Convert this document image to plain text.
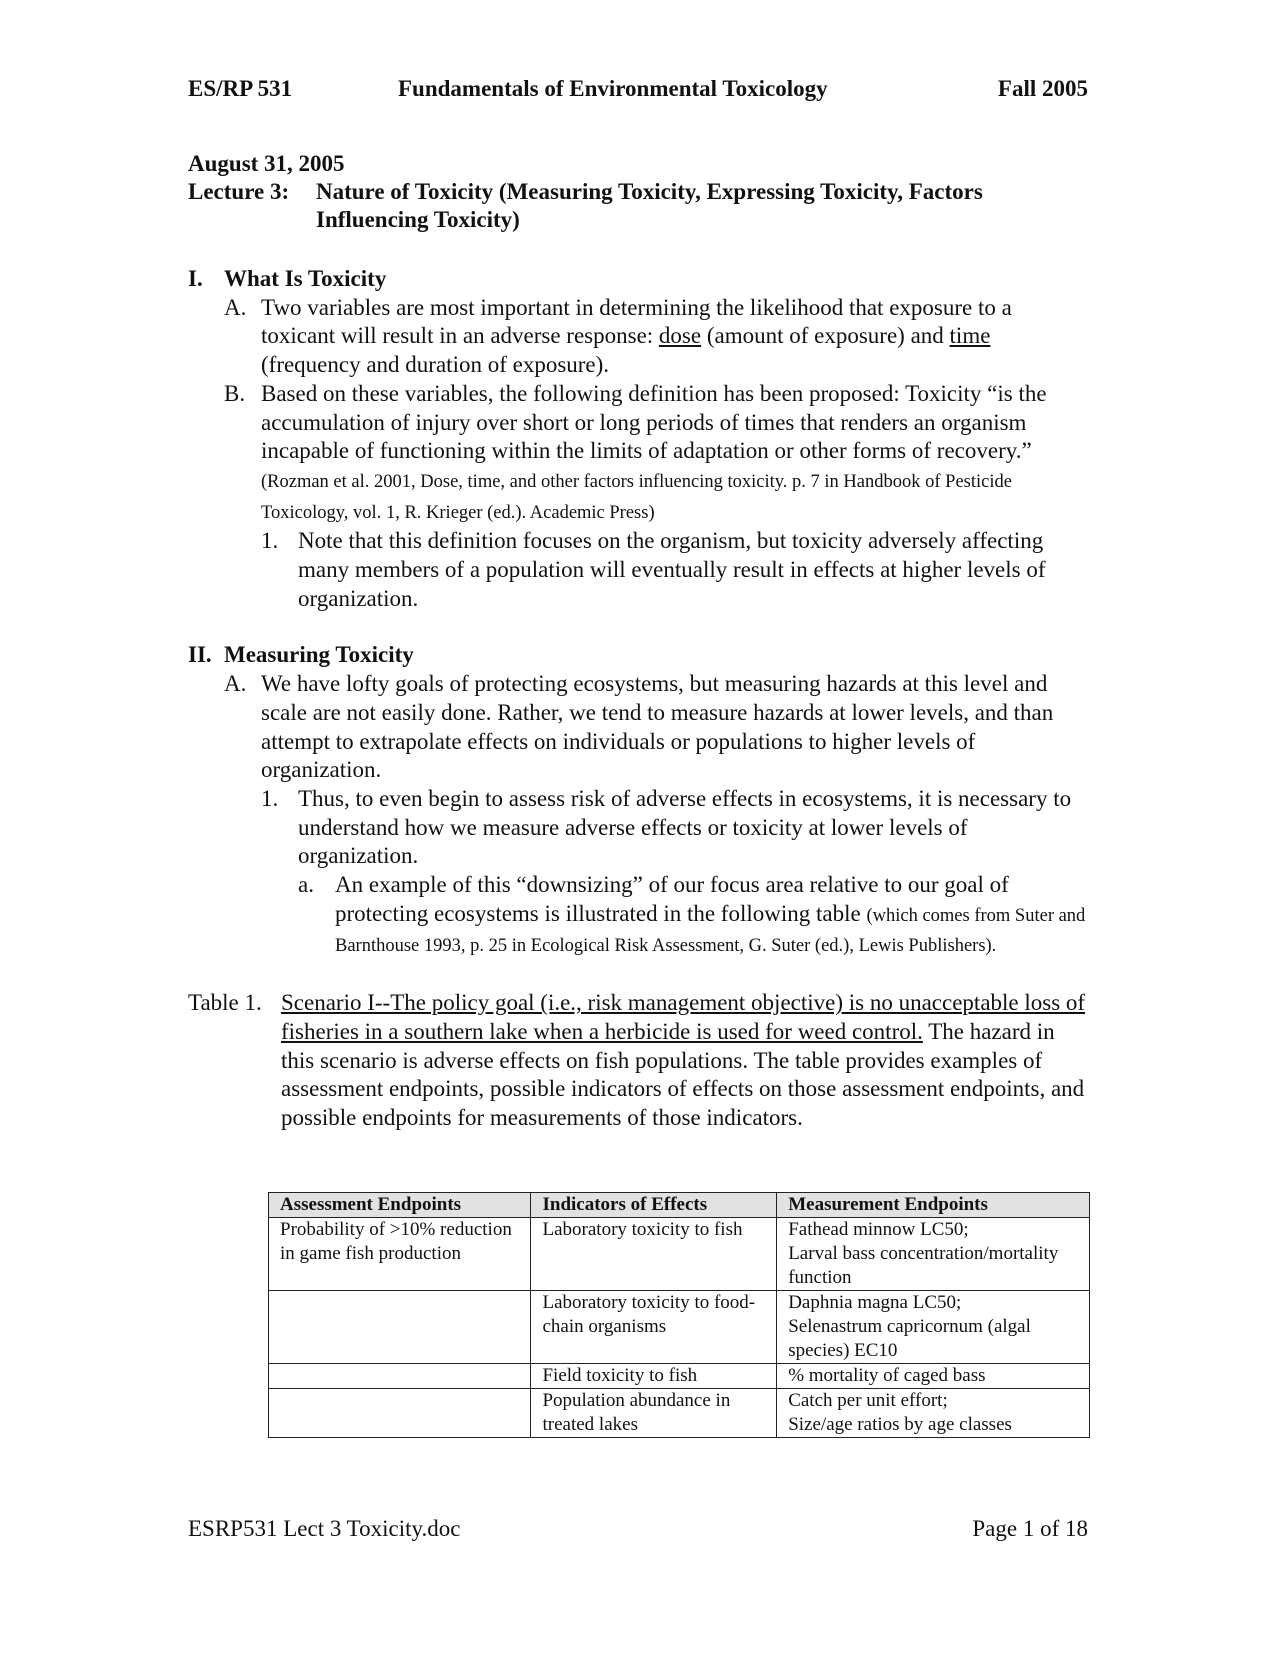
ES/RP 531	Fundamentals of Environmental Toxicology	Fall 2005
August 31, 2005
Lecture 3:	Nature of Toxicity (Measuring Toxicity, Expressing Toxicity, Factors
Influencing Toxicity)
I. What Is Toxicity
A. Two variables are most important in determining the likelihood that exposure to a toxicant will result in an adverse response: dose (amount of exposure) and time (frequency and duration of exposure).
B. Based on these variables, the following definition has been proposed: Toxicity “is the accumulation of injury over short or long periods of times that renders an organism incapable of functioning within the limits of adaptation or other forms of recovery.” (Rozman et al. 2001, Dose, time, and other factors influencing toxicity. p. 7 in Handbook of Pesticide Toxicology, vol. 1, R. Krieger (ed.). Academic Press)
1. Note that this definition focuses on the organism, but toxicity adversely affecting many members of a population will eventually result in effects at higher levels of organization.
II. Measuring Toxicity
A. We have lofty goals of protecting ecosystems, but measuring hazards at this level and scale are not easily done. Rather, we tend to measure hazards at lower levels, and than attempt to extrapolate effects on individuals or populations to higher levels of organization.
1. Thus, to even begin to assess risk of adverse effects in ecosystems, it is necessary to understand how we measure adverse effects or toxicity at lower levels of organization.
a. An example of this “downsizing” of our focus area relative to our goal of protecting ecosystems is illustrated in the following table (which comes from Suter and Barnthouse 1993, p. 25 in Ecological Risk Assessment, G. Suter (ed.), Lewis Publishers).
Table 1. Scenario I--The policy goal (i.e., risk management objective) is no unacceptable loss of fisheries in a southern lake when a herbicide is used for weed control. The hazard in this scenario is adverse effects on fish populations. The table provides examples of assessment endpoints, possible indicators of effects on those assessment endpoints, and possible endpoints for measurements of those indicators.
Assessment Endpoints	Indicators of Effects	Measurement Endpoints
Probability of >10% reduction in game fish production	Laboratory toxicity to fish	Fathead minnow LC50;
Larval bass concentration/mortality function
	Laboratory toxicity to food-chain organisms	Daphnia magna LC50;
Selenastrum capricornum (algal species) EC10
	Field toxicity to fish	% mortality of caged bass
	Population abundance in treated lakes	Catch per unit effort;
Size/age ratios by age classes
ESRP531 Lect 3 Toxicity.doc	Page 1 of 18
